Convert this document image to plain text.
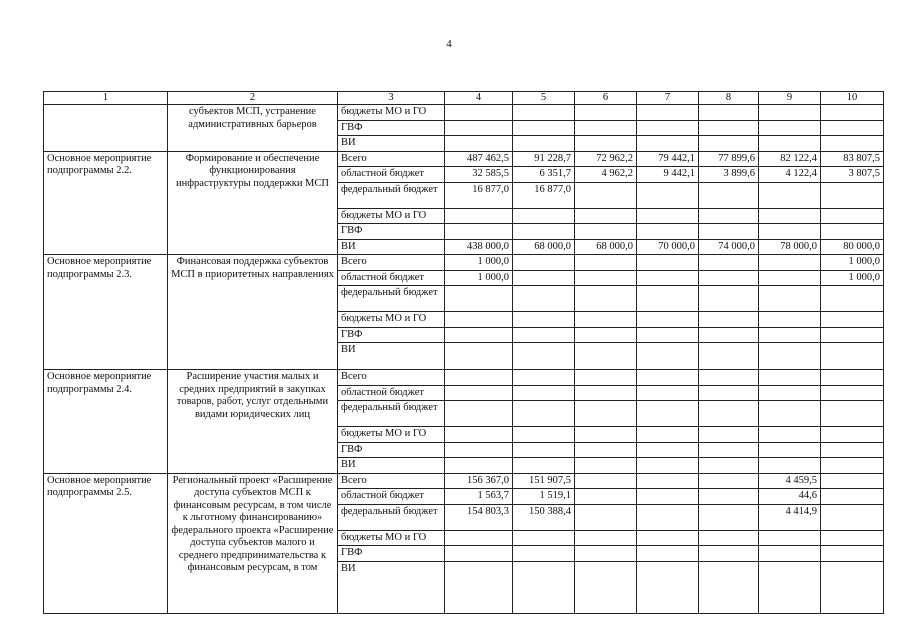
4
1	2	3	4	5	6	7	8	9	10
	субъектов МСП, устранение административных барьеров	бюджеты МО и ГО							
		ГВФ							
		ВИ							
Основное мероприятие подпрограммы 2.2.	Формирование и обеспечение функционирования инфраструктуры поддержки МСП	Всего	487 462,5	91 228,7	72 962,2	79 442,1	77 899,6	82 122,4	83 807,5
		областной бюджет	32 585,5	6 351,7	4 962,2	9 442,1	3 899,6	4 122,4	3 807,5
		федеральный бюджет	16 877,0	16 877,0					
		бюджеты МО и ГО							
		ГВФ							
		ВИ	438 000,0	68 000,0	68 000,0	70 000,0	74 000,0	78 000,0	80 000,0
Основное мероприятие подпрограммы 2.3.	Финансовая поддержка субъектов МСП в приоритетных направлениях	Всего	1 000,0						1 000,0
		областной бюджет	1 000,0						1 000,0
		федеральный бюджет							
		бюджеты МО и ГО							
		ГВФ							
		ВИ							
Основное мероприятие подпрограммы 2.4.	Расширение участия малых и средних предприятий в закупках товаров, работ, услуг отдельными видами юридических лиц	Всего							
		областной бюджет							
		федеральный бюджет							
		бюджеты МО и ГО							
		ГВФ							
		ВИ							
Основное мероприятие подпрограммы 2.5.	Региональный проект «Расширение доступа субъектов МСП к финансовым ресурсам, в том числе к льготному финансированию» федерального проекта «Расширение доступа субъектов малого и среднего предпринимательства к финансовым ресурсам, в том	Всего	156 367,0	151 907,5				4 459,5	
		областной бюджет	1 563,7	1 519,1				44,6	
		федеральный бюджет	154 803,3	150 388,4				4 414,9	
		бюджеты МО и ГО							
		ГВФ							
		ВИ							
